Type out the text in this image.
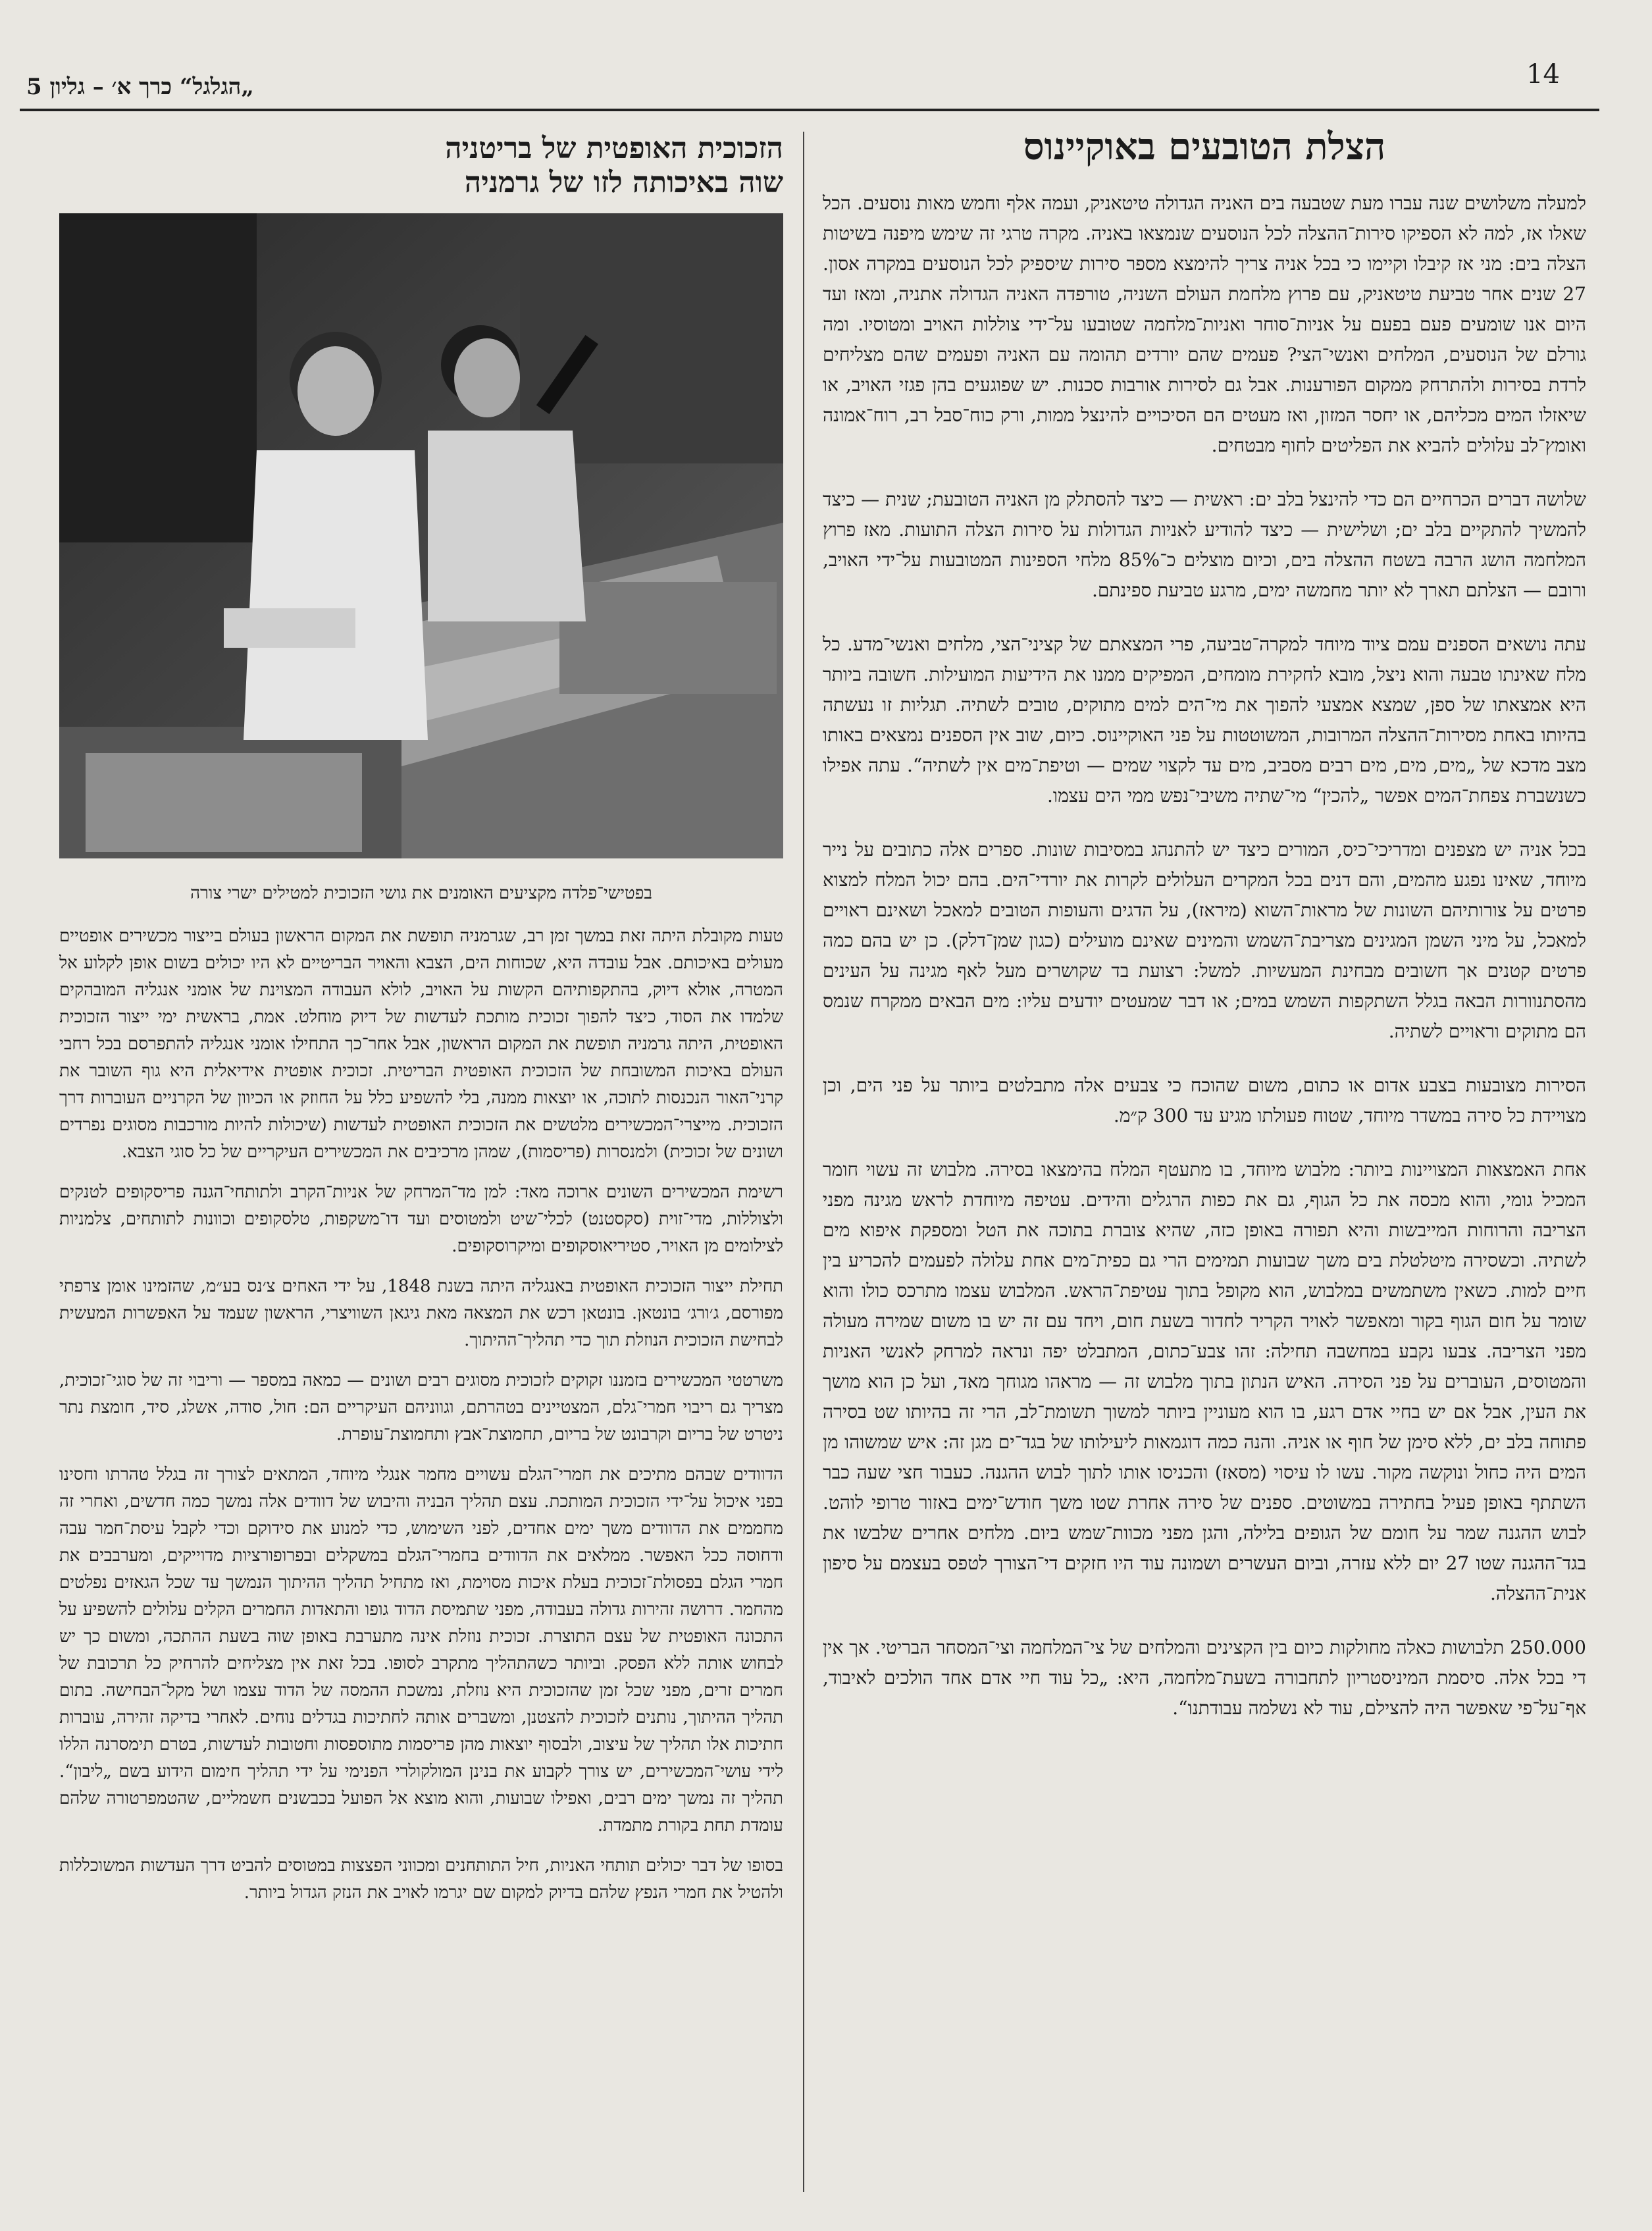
„הגלגל“ כרך א׳ – גליון 5	14
הצלת הטובעים באוקיינוס

למעלה משלושים שנה עברו מעת שטבעה בים האניה הגדולה טיטאניק, ועמה אלף וחמש מאות נוסעים. הכל שאלו אז, למה לא הספיקו סירות־ההצלה לכל הנוסעים שנמצאו באניה. מקרה טרגי זה שימש מיפנה בשיטות הצלה בים: מני אז קיבלו וקיימו כי בכל אניה צריך להימצא מספר סירות שיספיק לכל הנוסעים במקרה אסון. 27 שנים אחר טביעת טיטאניק, עם פרוץ מלחמת העולם השניה, טורפדה האניה הגדולה אתניה, ומאז ועד היום אנו שומעים פעם בפעם על אניות־סוחר ואניות־מלחמה שטובעו על־ידי צוללות האויב ומטוסיו. ומה גורלם של הנוסעים, המלחים ואנשי־הצי? פעמים שהם יורדים תהומה עם האניה ופעמים שהם מצליחים לרדת בסירות ולהתרחק ממקום הפורענות. אבל גם לסירות אורבות סכנות. יש שפוגעים בהן פגזי האויב, או שיאזלו המים מכליהם, או יחסר המזון, ואז מעטים הם הסיכויים להינצל ממות, ורק כוח־סבל רב, רוח־אמונה ואומץ־לב עלולים להביא את הפליטים לחוף מבטחים.

שלושה דברים הכרחיים הם כדי להינצל בלב ים: ראשית — כיצד להסתלק מן האניה הטובעת; שנית — כיצד להמשיך להתקיים בלב ים; ושלישית — כיצד להודיע לאניות הגדולות על סירות הצלה התועות. מאז פרוץ המלחמה הושג הרבה בשטח ההצלה בים, וכיום מוצלים כ־85% מלחי הספינות המטובעות על־ידי האויב, ורובם — הצלתם תארך לא יותר מחמשה ימים, מרגע טביעת ספינתם.

עתה נושאים הספנים עמם ציוד מיוחד למקרה־טביעה, פרי המצאתם של קציני־הצי, מלחים ואנשי־מדע. כל מלח שאינתו טבעה והוא ניצל, מובא לחקירת מומחים, המפיקים ממנו את הידיעות המועילות. חשובה ביותר היא אמצאתו של ספן, שמצא אמצעי להפוך את מי־הים למים מתוקים, טובים לשתיה. תגליות זו נעשתה בהיותו באחת מסירות־ההצלה המרובות, המשוטטות על פני האוקיינוס. כיום, שוב אין הספנים נמצאים באותו מצב מדכא של „מים, מים, מים רבים מסביב, מים עד לקצוי שמים — וטיפת־מים אין לשתיה“. עתה אפילו כשנשברת צפחת־המים אפשר „להכין“ מי־שתיה משיבי־נפש ממי הים עצמו.

בכל אניה יש מצפנים ומדריכי־כיס, המורים כיצד יש להתנהג במסיבות שונות. ספרים אלה כתובים על נייר מיוחד, שאינו נפגע מהמים, והם דנים בכל המקרים העלולים לקרות את יורדי־הים. בהם יכול המלח למצוא פרטים על צורותיהם השונות של מראות־השוא (מיראז), על הדגים והעופות הטובים למאכל ושאינם ראויים למאכל, על מיני השמן המגינים מצריבת־השמש והמינים שאינם מועילים (כגון שמן־דלק). כן יש בהם כמה פרטים קטנים אך חשובים מבחינת המעשיות. למשל: רצועת בד שקושרים מעל לאף מגינה על העינים מהסתנוורות הבאה בגלל השתקפות השמש במים; או דבר שמעטים יודעים עליו: מים הבאים ממקרח שנמס הם מתוקים וראויים לשתיה.

הסירות מצובעות בצבע אדום או כתום, משום שהוכח כי צבעים אלה מתבלטים ביותר על פני הים, וכן מצויידת כל סירה במשדר מיוחד, שטוח פעולתו מגיע עד 300 ק״מ.

אחת האמצאות המצויינות ביותר: מלבוש מיוחד, בו מתעטף המלח בהימצאו בסירה. מלבוש זה עשוי חומר המכיל גומי, והוא מכסה את כל הגוף, גם את כפות הרגלים והידים. עטיפה מיוחדת לראש מגינה מפני הצריבה והרוחות המייבשות והיא תפורה באופן כזה, שהיא צוברת בתוכה את הטל ומספקת איפוא מים לשתיה. וכשסירה מיטלטלת בים משך שבועות תמימים הרי גם כפית־מים אחת עלולה לפעמים להכריע בין חיים למות. כשאין משתמשים במלבוש, הוא מקופל בתוך עטיפת־הראש. המלבוש עצמו מתרכס כולו והוא שומר על חום הגוף בקור ומאפשר לאויר הקריר לחדור בשעת חום, ויחד עם זה יש בו משום שמירה מעולה מפני הצריבה. צבעו נקבע במחשבה תחילה: זהו צבע־כתום, המתבלט יפה ונראה למרחק לאנשי האניות והמטוסים, העוברים על פני הסירה. האיש הנתון בתוך מלבוש זה — מראהו מגוחך מאד, ועל כן הוא מושך את העין, אבל אם יש בחיי אדם רגע, בו הוא מעוניין ביותר למשוך תשומת־לב, הרי זה בהיותו שט בסירה פתוחה בלב ים, ללא סימן של חוף או אניה. והנה כמה דוגמאות ליעילותו של בגד־ים מגן זה: איש שמשוהו מן המים היה כחול ונוקשה מקור. עשו לו עיסוי (מסאז) והכניסו אותו לתוך לבוש ההגנה. כעבור חצי שעה כבר השתתף באופן פעיל בחתירה במשוטים. ספנים של סירה אחרת שטו משך חודש־ימים באזור טרופי לוהט. לבוש ההגנה שמר על חומם של הגופים בלילה, והגן מפני מכוות־שמש ביום. מלחים אחרים שלבשו את בגד־ההגנה שטו 27 יום ללא עזרה, וביום העשרים ושמונה עוד היו חזקים די־הצורך לטפס בעצמם על סיפון אנית־ההצלה.

250.000 תלבושות כאלה מחולקות כיום בין הקצינים והמלחים של צי־המלחמה וצי־המסחר הבריטי. אך אין די בכל אלה. סיסמת המיניסטריון לתחבורה בשעת־מלחמה, היא: „כל עוד חיי אדם אחד הולכים לאיבוד, אף־על־פי שאפשר היה להצילם, עוד לא נשלמה עבודתנו“.

הזכוכית האופטית של בריטניה
שוה באיכותה לזו של גרמניה
בפטישי־פלדה מקציעים האומנים את גושי הזכוכית למטילים ישרי צורה

טעות מקובלת היתה זאת במשך זמן רב, שגרמניה תופשת את המקום הראשון בעולם בייצור מכשירים אופטיים מעולים באיכותם. אבל עובדה היא, שכוחות הים, הצבא והאויר הבריטיים לא היו יכולים בשום אופן לקלוע אל המטרה, אולא דיוק, בהתקפותיהם הקשות על האויב, לולא העבודה המצוינת של אומני אנגליה המובהקים שלמדו את הסוד, כיצד להפוך זכוכית מותכת לעדשות של דיוק מוחלט. אמת, בראשית ימי ייצור הזכוכית האופטית, היתה גרמניה תופשת את המקום הראשון, אבל אחר־כך התחילו אומני אנגליה להתפרסם בכל רחבי העולם באיכות המשובחת של הזכוכית האופטית הבריטית. זכוכית אופטית אידיאלית היא גוף השובר את קרני־האור הנכנסות לתוכה, או יוצאות ממנה, בלי להשפיע כלל על החוזק או הכיוון של הקרניים העוברות דרך הזכוכית. מייצרי־המכשירים מלטשים את הזכוכית האופטית לעדשות (שיכולות להיות מורכבות מסוגים נפרדים ושונים של זכוכית) ולמנסרות (פריסמות), שמהן מרכיבים את המכשירים העיקריים של כל סוגי הצבא.

רשימת המכשירים השונים ארוכה מאד: למן מד־המרחק של אניות־הקרב ולתותחי־הגנה פריסקופים לטנקים ולצוללות, מדי־זוית (סקסטנט) לכלי־שיט ולמטוסים ועד דו־משקפות, טלסקופים וכוונות לתותחים, צלמניות לצילומים מן האויר, סטיריאוסקופים ומיקרוסקופים.

תחילת ייצור הזכוכית האופטית באנגליה היתה בשנת 1848, על ידי האחים צ׳נס בע״מ, שהזמינו אומן צרפתי מפורסם, ג׳ורג׳ בונטאן. בונטאן רכש את המצאה מאת גיגאן השוויצרי, הראשון שעמד על האפשרות המעשית לבחישת הזכוכית הנוזלת תוך כדי תהליך־ההיתוך.

משרטטי המכשירים בזמננו זקוקים לזכוכית מסוגים רבים ושונים — כמאה במספר — וריבוי זה של סוגי־זכוכית, מצריך גם ריבוי חמרי־גלם, המצטיינים בטהרתם, וגווניהם העיקריים הם: חול, סודה, אשלג, סיד, חומצת נתר ניטרט של בריום וקרבונט של בריום, תחמוצת־אבץ ותחמוצת־עופרת.

הדוודים שבהם מתיכים את חמרי־הגלם עשויים מחמר אנגלי מיוחד, המתאים לצורך זה בגלל טהרתו וחסינו בפני איכול על־ידי הזכוכית המותכת. עצם תהליך הבניה והיבוש של דוודים אלה נמשך כמה חדשים, ואחרי זה מחממים את הדוודים משך ימים אחדים, לפני השימוש, כדי למנוע את סידוקם וכדי לקבל עיסת־חמר עבה ודחוסה ככל האפשר. ממלאים את הדוודים בחמרי־הגלם במשקלים ובפרופורציות מדוייקים, ומערבבים את חמרי הגלם בפסולת־זכוכית בעלת איכות מסוימת, ואז מתחיל תהליך ההיתוך הנמשך עד שכל הגאזים נפלטים מהחמר. דרושה זהירות גדולה בעבודה, מפני שתמיסת הדוד גופו והתאדות החמרים הקלים עלולים להשפיע על התכונה האופטית של עצם התוצרת. זכוכית נוזלת אינה מתערבת באופן שוה בשעת ההתכה, ומשום כך יש לבחוש אותה ללא הפסק. וביותר כשהתהליך מתקרב לסופו. בכל זאת אין מצליחים להרחיק כל תרכובת של חמרים זרים, מפני שכל זמן שהזכוכית היא נוזלת, נמשכת ההמסה של הדוד עצמו ושל מקל־הבחישה. בתום תהליך ההיתוך, נותנים לזכוכית להצטנן, ומשברים אותה לחתיכות בגדלים נוחים. לאחרי בדיקה זהירה, עוברות חתיכות אלו תהליך של עיצוב, ולבסוף יוצאות מהן פריסמות מתוספסות וחטובות לעדשות, בטרם תימסרנה הללו לידי עושי־המכשירים, יש צורך לקבוע את בנינן המולקולרי הפנימי על ידי תהליך חימום הידוע בשם „ליבון“. תהליך זה נמשך ימים רבים, ואפילו שבועות, והוא מוצא אל הפועל בכבשנים חשמליים, שהטמפרטורה שלהם עומדת תחת בקורת מתמדת.

בסופו של דבר יכולים תותחי האניות, חיל התותחנים ומכווני הפצצות במטוסים להביט דרך העדשות המשוכללות ולהטיל את חמרי הנפץ שלהם בדיוק למקום שם יגרמו לאויב את הנזק הגדול ביותר.
